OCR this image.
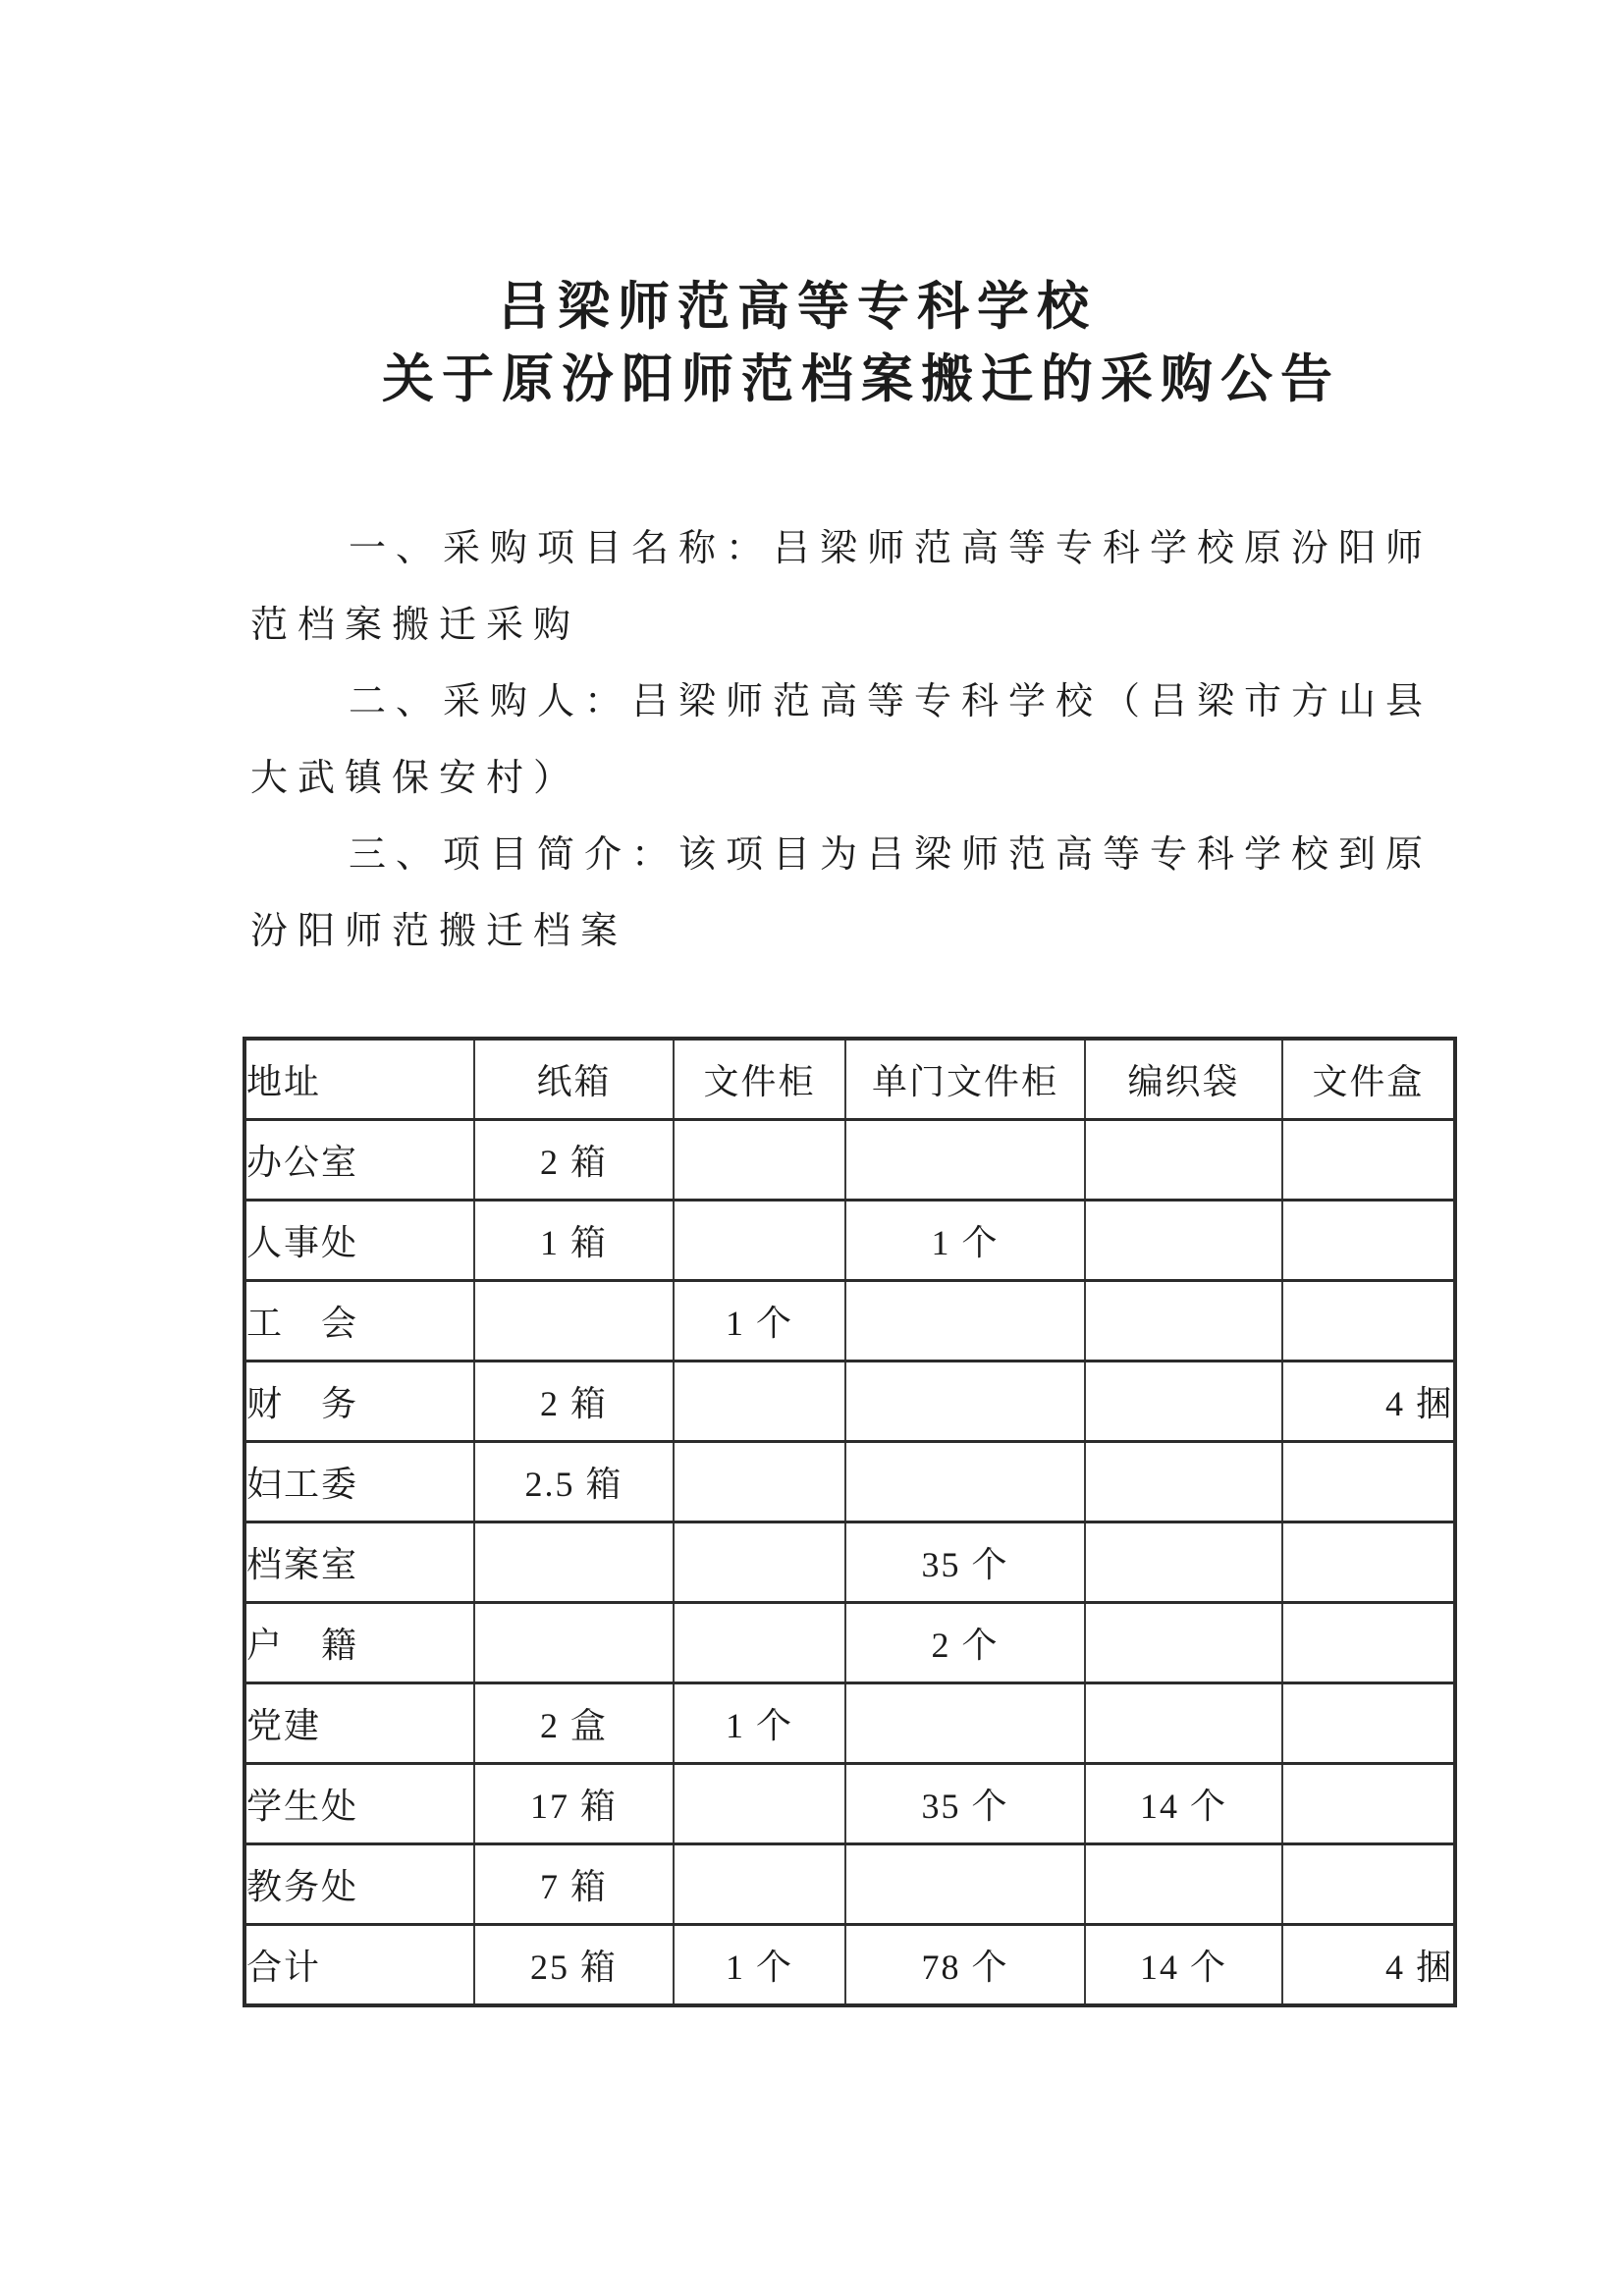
吕梁师范高等专科学校
关于原汾阳师范档案搬迁的采购公告

一、采购项目名称：吕梁师范高等专科学校原汾阳师
范档案搬迁采购

二、采购人：吕梁师范高等专科学校（吕梁市方山县
大武镇保安村）

三、项目简介：该项目为吕梁师范高等专科学校到原
汾阳师范搬迁档案

地址	纸箱	文件柜	单门文件柜	编织袋	文件盒
办公室	2 箱				
人事处	1 箱		1 个		
工　会		1 个			
财　务	2 箱				4 捆
妇工委	2.5 箱				
档案室			35 个		
户　籍			2 个		
党建	2 盒	1 个			
学生处	17 箱		35 个	14 个	
教务处	7 箱				
合计	25 箱	1 个	78 个	14 个	4 捆
